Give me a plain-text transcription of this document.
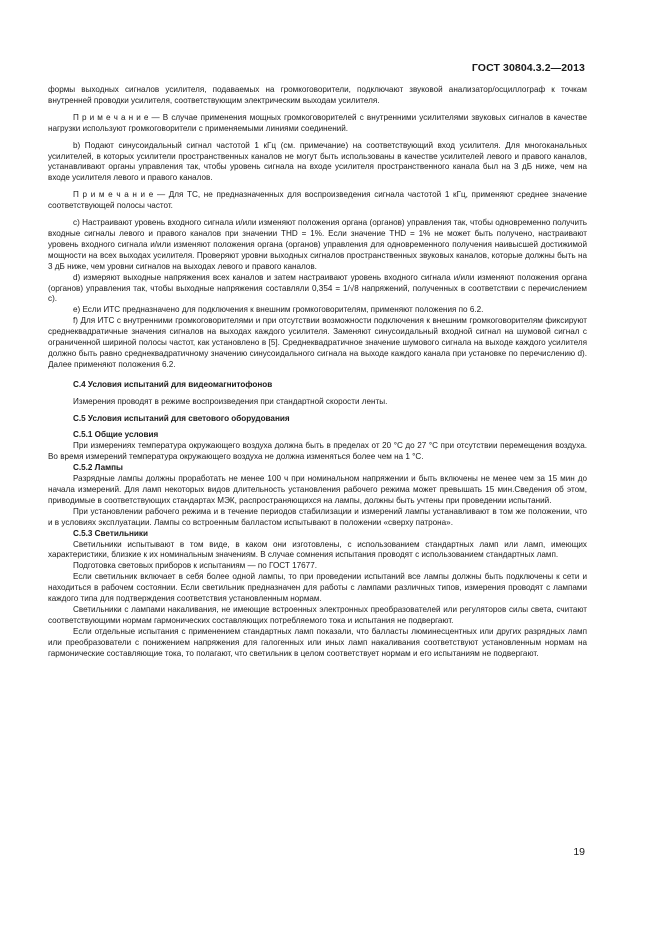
ГОСТ 30804.3.2—2013

формы выходных сигналов усилителя, подаваемых на громкоговорители, подключают звуковой анализатор/осциллограф к точкам внутренней проводки усилителя, соответствующим электрическим выходам усилителя.

П р и м е ч а н и е — В случае применения мощных громкоговорителей с внутренними усилителями звуковых сигналов в качестве нагрузки используют громкоговорители с применяемыми линиями соединений.

b) Подают синусоидальный сигнал частотой 1 кГц (см. примечание) на соответствующий вход усилителя. Для многоканальных усилителей, в которых усилители пространственных каналов не могут быть использованы в качестве усилителей левого и правого каналов, устанавливают органы управления так, чтобы уровень сигнала на входе усилителя пространственного канала был на 3 дБ ниже, чем на входе усилителя левого и правого каналов.

П р и м е ч а н и е — Для ТС, не предназначенных для воспроизведения сигнала частотой 1 кГц, применяют среднее значение соответствующей полосы частот.

c) Настраивают уровень входного сигнала и/или изменяют положения органа (органов) управления так, чтобы одновременно получить входные сигналы левого и правого каналов при значении THD = 1%. Если значение THD = 1% не может быть получено, настраивают уровень входного сигнала и/или изменяют положения органа (органов) управления для одновременного получения наивысшей достижимой мощности на всех выходах усилителя. Проверяют уровни выходных сигналов пространственных звуковых каналов, которые должны быть на 3 дБ ниже, чем уровни сигналов на выходах левого и правого каналов.

d) измеряют выходные напряжения всех каналов и затем настраивают уровень входного сигнала и/или изменяют положения органа (органов) управления так, чтобы выходные напряжения составляли 0,354 = 1/√8 напряжений, полученных в соответствии с перечислением c).

e) Если ИТС предназначено для подключения к внешним громкоговорителям, применяют положения по 6.2.

f) Для ИТС с внутренними громкоговорителями и при отсутствии возможности подключения к внешним громкоговорителям фиксируют среднеквадратичные значения сигналов на выходах каждого усилителя. Заменяют синусоидальный входной сигнал на шумовой сигнал с ограниченной шириной полосы частот, как установлено в [5]. Среднеквадратичное значение шумового сигнала на выходе каждого усилителя должно быть равно среднеквадратичному значению синусоидального сигнала на выходе каждого канала при установке по перечислению d). Далее применяют положения 6.2.

С.4 Условия испытаний для видеомагнитофонов

Измерения проводят в режиме воспроизведения при стандартной скорости ленты.

С.5 Условия испытаний для светового оборудования

С.5.1 Общие условия

При измерениях температура окружающего воздуха должна быть в пределах от 20 °С до 27 °С при отсутствии перемещения воздуха. Во время измерений температура окружающего воздуха не должна изменяться более чем на 1 °С.

С.5.2 Лампы

Разрядные лампы должны проработать не менее 100 ч при номинальном напряжении и быть включены не менее чем за 15 мин до начала измерений. Для ламп некоторых видов длительность установления рабочего режима может превышать 15 мин.Сведения об этом, приводимые в соответствующих стандартах МЭК, распространяющихся на лампы, должны быть учтены при проведении испытаний.

При установлении рабочего режима и в течение периодов стабилизации и измерений лампы устанавливают в том же положении, что и в условиях эксплуатации. Лампы со встроенным балластом испытывают в положении «сверху патрона».

С.5.3 Светильники

Светильники испытывают в том виде, в каком они изготовлены, с использованием стандартных ламп или ламп, имеющих характеристики, близкие к их номинальным значениям. В случае сомнения испытания проводят с использованием стандартных ламп.

Подготовка световых приборов к испытаниям — по ГОСТ 17677.

Если светильник включает в себя более одной лампы, то при проведении испытаний все лампы должны быть подключены к сети и находиться в рабочем состоянии. Если светильник предназначен для работы с лампами различных типов, измерения проводят с лампами каждого типа для подтверждения соответствия установленным нормам.

Светильники с лампами накаливания, не имеющие встроенных электронных преобразователей или регуляторов силы света, считают соответствующими нормам гармонических составляющих потребляемого тока и испытания не подвергают.

Если отдельные испытания с применением стандартных ламп показали, что балласты люминесцентных или других разрядных ламп или преобразователи с понижением напряжения для галогенных или иных ламп накаливания соответствуют установленным нормам на гармонические составляющие тока, то полагают, что светильник в целом соответствует нормам и его испытаниям не подвергают.

19
